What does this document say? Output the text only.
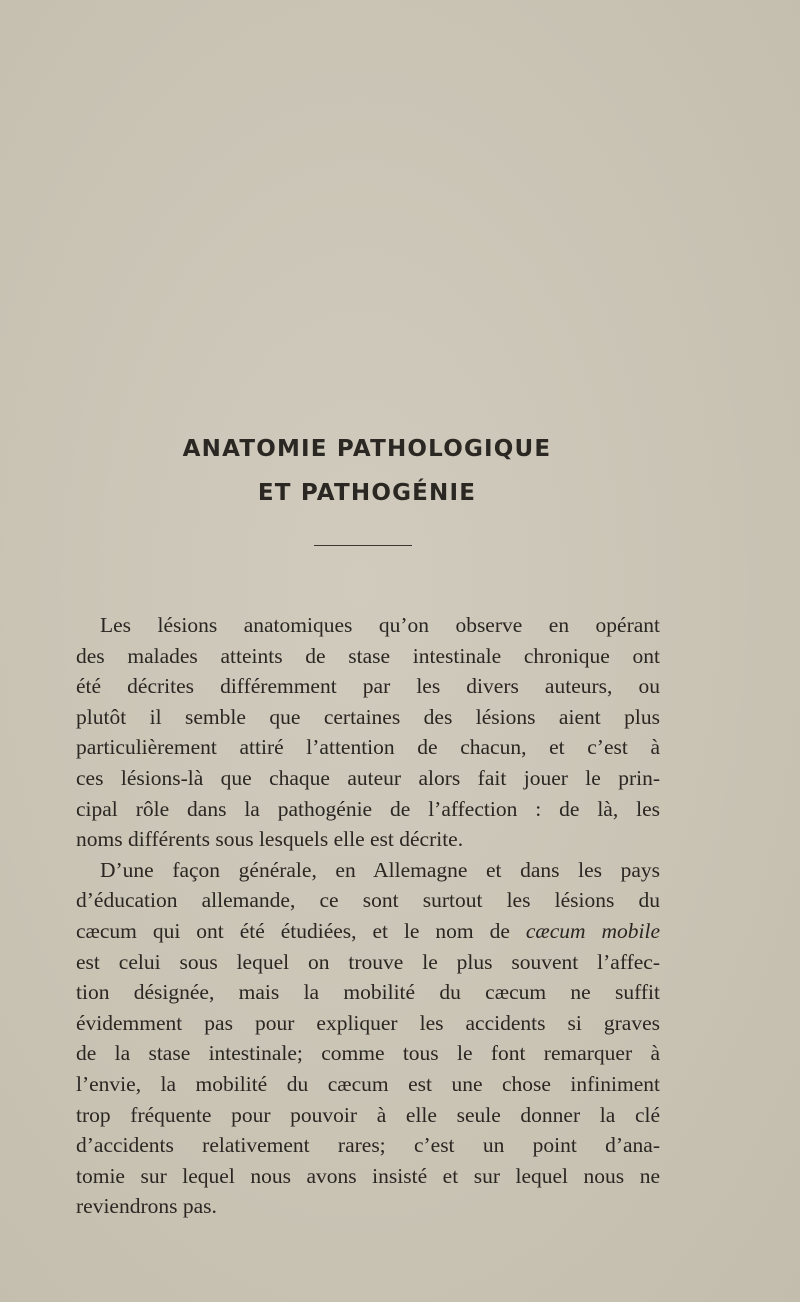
ANATOMIE PATHOLOGIQUE
ET PATHOGÉNIE
Les lésions anatomiques qu’on observe en opérant
des malades atteints de stase intestinale chronique ont
été décrites différemment par les divers auteurs, ou
plutôt il semble que certaines des lésions aient plus
particulièrement attiré l’attention de chacun, et c’est à
ces lésions-là que chaque auteur alors fait jouer le prin-
cipal rôle dans la pathogénie de l’affection : de là, les
noms différents sous lesquels elle est décrite.
D’une façon générale, en Allemagne et dans les pays
d’éducation allemande, ce sont surtout les lésions du
cæcum qui ont été étudiées, et le nom de cæcum mobile
est celui sous lequel on trouve le plus souvent l’affec-
tion désignée, mais la mobilité du cæcum ne suffit
évidemment pas pour expliquer les accidents si graves
de la stase intestinale; comme tous le font remarquer à
l’envie, la mobilité du cæcum est une chose infiniment
trop fréquente pour pouvoir à elle seule donner la clé
d’accidents relativement rares; c’est un point d’ana-
tomie sur lequel nous avons insisté et sur lequel nous ne
reviendrons pas.
